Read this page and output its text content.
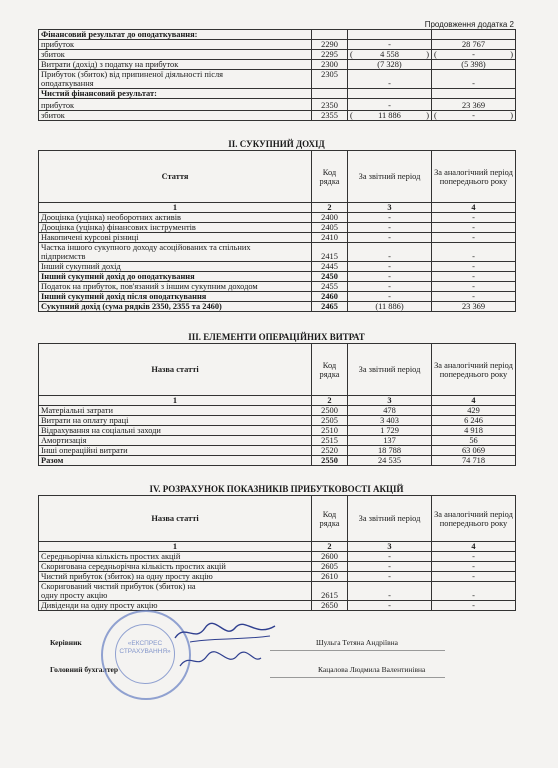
Продовження додатка 2
Фінансовий результат до оподаткування:			
прибуток	2290	-	28 767
збиток	2295	( 4 558 )	( - )

Витрати (дохід) з податку на прибуток	2300	(7 328)	(5 398)
Прибуток (збиток) від припиненої діяльності після
оподаткування	2305	-	-
Чистий фінансовий результат:			
прибуток	2350	-	23 369
збиток	2355	( 11 886 )	( - )
II. СУКУПНИЙ ДОХІД
Стаття	Код рядка	За звітний період	За аналогічний період попереднього року
1	2	3	4
Дооцінка (уцінка) необоротних активів	2400	-	-
Дооцінка (уцінка) фінансових інструментів	2405	-	-
Накопичені курсові різниці	2410	-	-
Частка іншого сукупного доходу асоційованих та спільних
підприємств	2415	-	-
Інший сукупний дохід	2445	-	-
Інший сукупний дохід до оподаткування	2450	-	-
Податок на прибуток, пов'язаний з іншим сукупним доходом	2455	-	-
Інший сукупний дохід після оподаткування	2460	-	-
Сукупний дохід (сума рядків 2350, 2355 та 2460)	2465	(11 886)	23 369
III. ЕЛЕМЕНТИ ОПЕРАЦІЙНИХ ВИТРАТ
Назва статті	Код рядка	За звітний період	За аналогічний період попереднього року
1	2	3	4
Матеріальні затрати	2500	478	429
Витрати на оплату праці	2505	3 403	6 246
Відрахування на соціальні заходи	2510	1 729	4 918
Амортизація	2515	137	56
Інші операційні витрати	2520	18 788	63 069
Разом	2550	24 535	74 718
IV. РОЗРАХУНОК ПОКАЗНИКІВ ПРИБУТКОВОСТІ АКЦІЙ
Назва статті	Код рядка	За звітний період	За аналогічний період попереднього року
1	2	3	4
Середньорічна кількість простих акцій	2600	-	-
Скоригована середньорічна кількість простих акцій	2605	-	-
Чистий прибуток (збиток) на одну просту акцію	2610	-	-
Скоригований чистий прибуток (збиток) на
одну просту акцію	2615	-	-
Дивіденди на одну просту акцію	2650	-	-
Керівник	Шульга Тетяна Андріївна
Головний бухгалтер	Кацалова Людмила Валентинівна
«ЕКСПРЕС СТРАХУВАННЯ»
